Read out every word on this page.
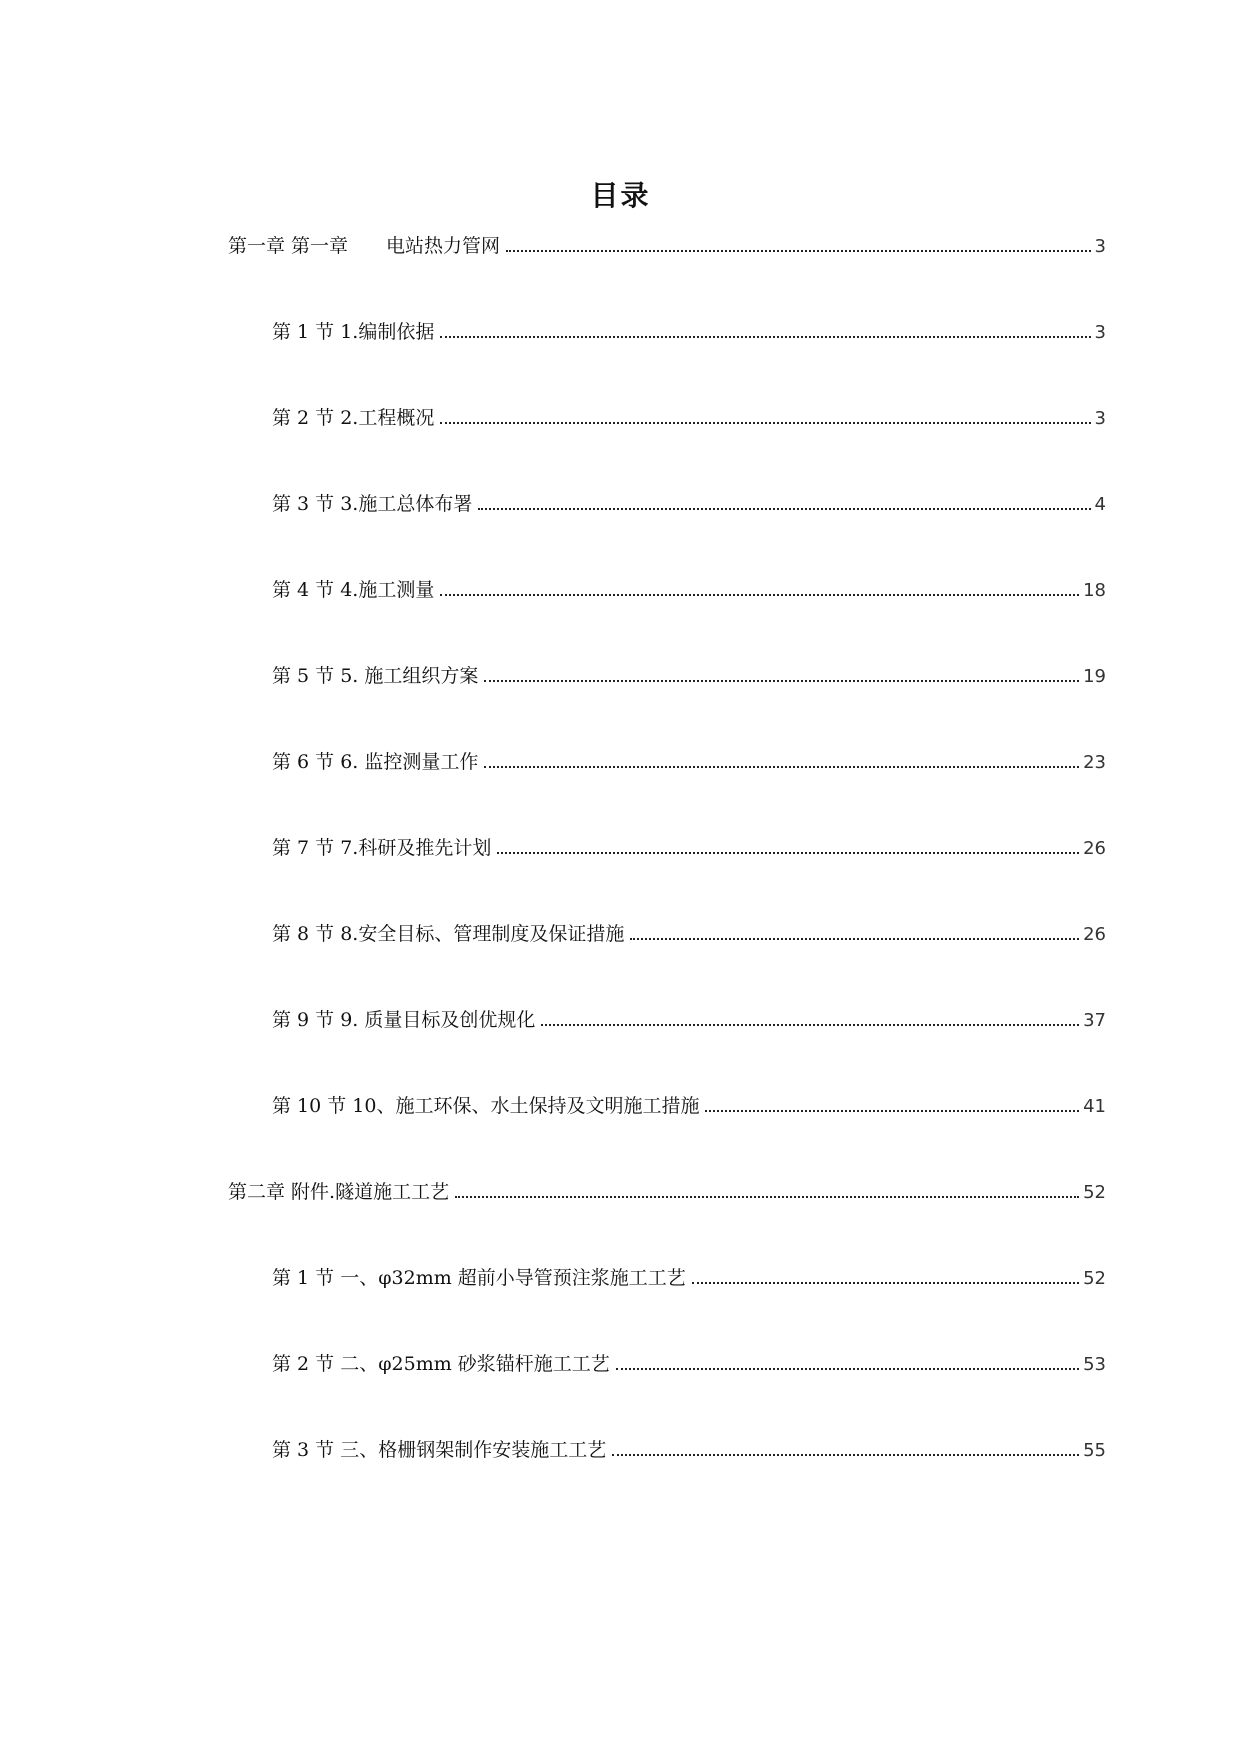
目录
第一章 第一章　　电站热力管网	3
第 1 节 1.编制依据	3
第 2 节 2.工程概况	3
第 3 节 3.施工总体布署	4
第 4 节 4.施工测量	18
第 5 节 5. 施工组织方案	19
第 6 节 6. 监控测量工作	23
第 7 节 7.科研及推先计划	26
第 8 节 8.安全目标、管理制度及保证措施	26
第 9 节 9. 质量目标及创优规化	37
第 10 节 10、施工环保、水土保持及文明施工措施	41
第二章 附件.隧道施工工艺	52
第 1 节 一、φ32mm 超前小导管预注浆施工工艺	52
第 2 节 二、φ25mm 砂浆锚杆施工工艺	53
第 3 节 三、格栅钢架制作安装施工工艺	55
